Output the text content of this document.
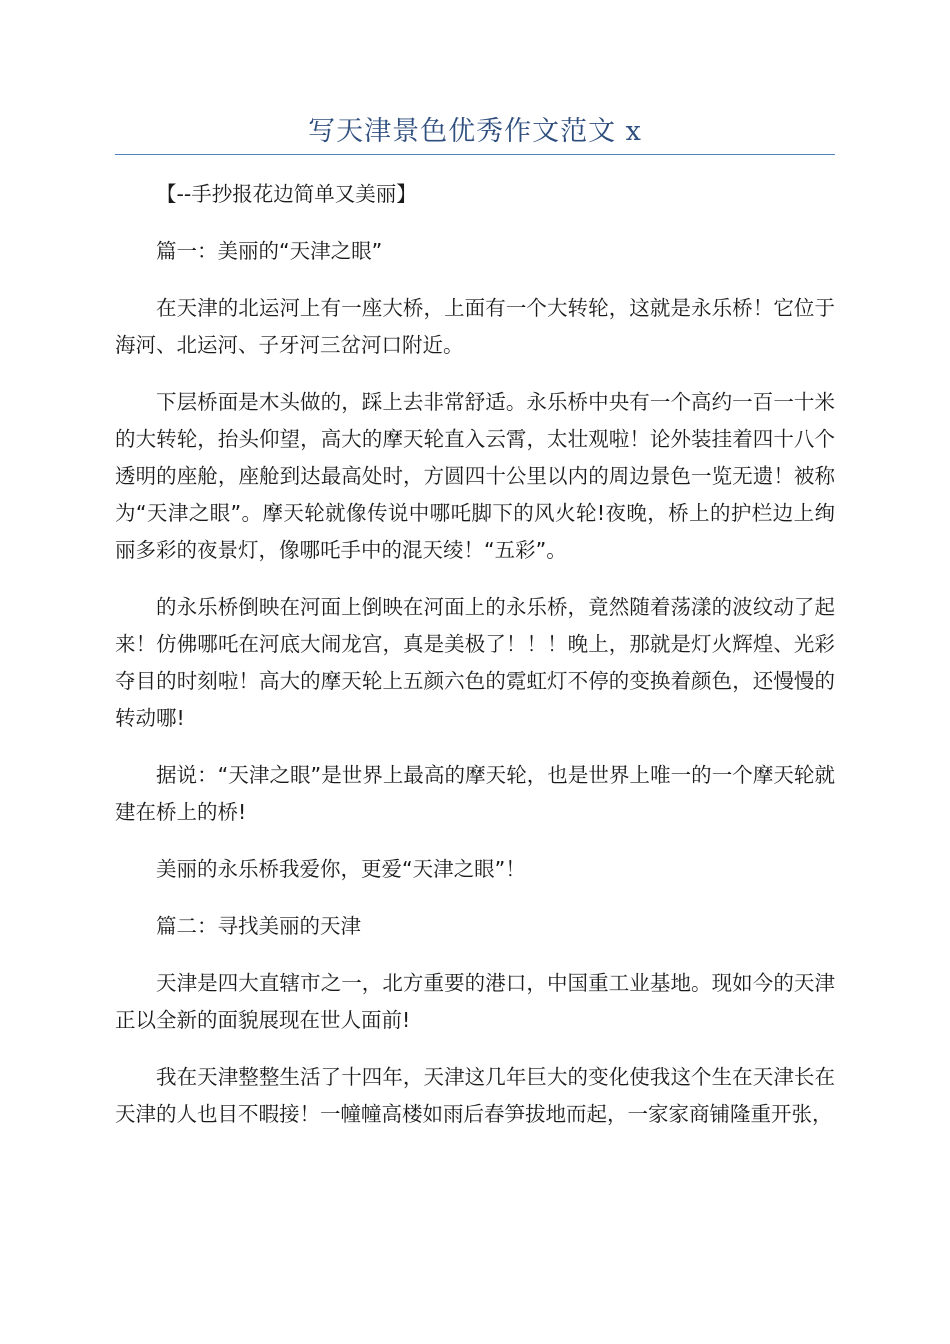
写天津景色优秀作文范文 x

【--手抄报花边简单又美丽】

篇一：美丽的“天津之眼”

在天津的北运河上有一座大桥，上面有一个大转轮，这就是永乐桥！它位于海河、北运河、子牙河三岔河口附近。

下层桥面是木头做的，踩上去非常舒适。永乐桥中央有一个高约一百一十米的大转轮，抬头仰望，高大的摩天轮直入云霄，太壮观啦！论外装挂着四十八个透明的座舱，座舱到达最高处时，方圆四十公里以内的周边景色一览无遗！被称为“天津之眼”。摩天轮就像传说中哪吒脚下的风火轮!夜晚，桥上的护栏边上绚丽多彩的夜景灯，像哪吒手中的混天绫！“五彩”。

的永乐桥倒映在河面上倒映在河面上的永乐桥，竟然随着荡漾的波纹动了起来！仿佛哪吒在河底大闹龙宫，真是美极了！！！晚上，那就是灯火辉煌、光彩夺目的时刻啦！高大的摩天轮上五颜六色的霓虹灯不停的变换着颜色，还慢慢的转动哪!

据说：“天津之眼”是世界上最高的摩天轮，也是世界上唯一的一个摩天轮就建在桥上的桥!

美丽的永乐桥我爱你，更爱“天津之眼”！

篇二：寻找美丽的天津

天津是四大直辖市之一，北方重要的港口，中国重工业基地。现如今的天津正以全新的面貌展现在世人面前!

我在天津整整生活了十四年，天津这几年巨大的变化使我这个生在天津长在天津的人也目不暇接！一幢幢高楼如雨后春笋拔地而起，一家家商铺隆重开张，
